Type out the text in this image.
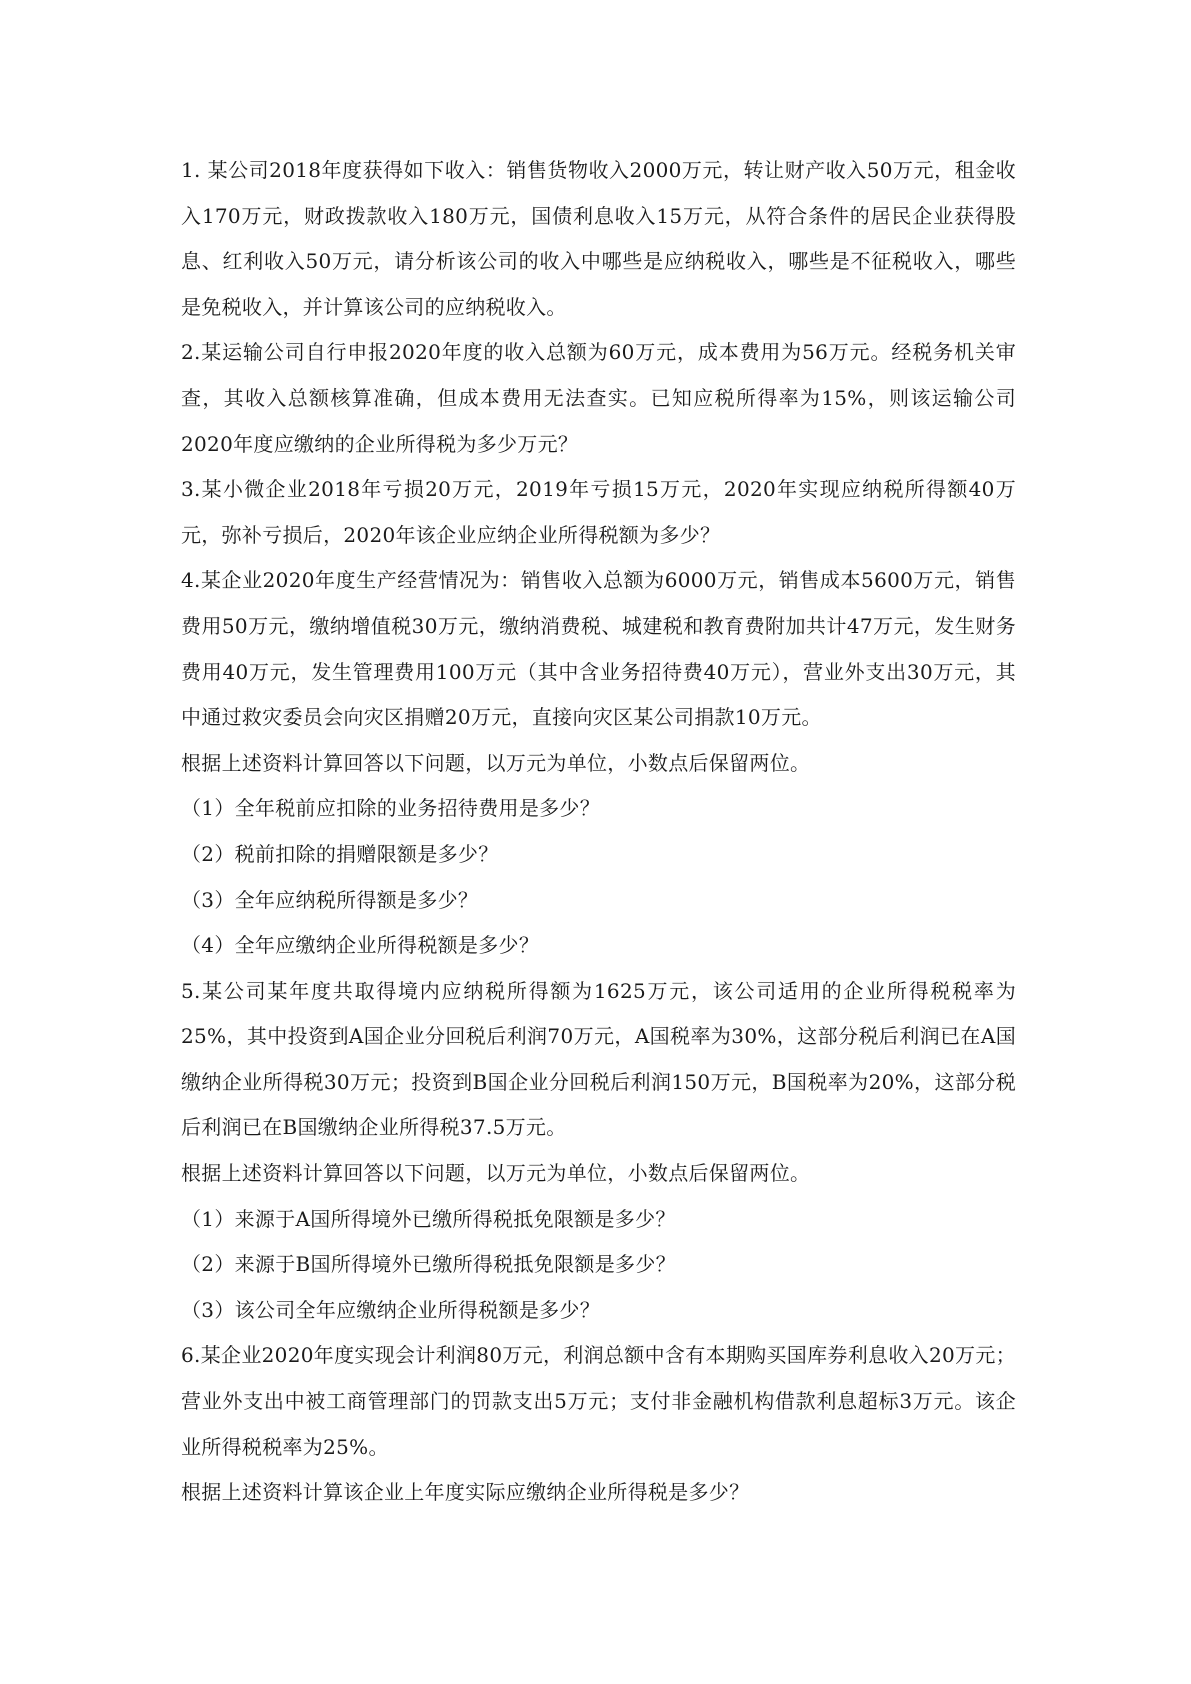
1. 某公司2018年度获得如下收入：销售货物收入2000万元，转让财产收入50万元，租金收入170万元，财政拨款收入180万元，国债利息收入15万元，从符合条件的居民企业获得股息、红利收入50万元，请分析该公司的收入中哪些是应纳税收入，哪些是不征税收入，哪些是免税收入，并计算该公司的应纳税收入。

2.某运输公司自行申报2020年度的收入总额为60万元，成本费用为56万元。经税务机关审查，其收入总额核算准确，但成本费用无法查实。已知应税所得率为15%，则该运输公司2020年度应缴纳的企业所得税为多少万元？

3.某小微企业2018年亏损20万元，2019年亏损15万元，2020年实现应纳税所得额40万元，弥补亏损后，2020年该企业应纳企业所得税额为多少？

4.某企业2020年度生产经营情况为：销售收入总额为6000万元，销售成本5600万元，销售费用50万元，缴纳增值税30万元，缴纳消费税、城建税和教育费附加共计47万元，发生财务费用40万元，发生管理费用100万元（其中含业务招待费40万元），营业外支出30万元，其中通过救灾委员会向灾区捐赠20万元，直接向灾区某公司捐款10万元。

根据上述资料计算回答以下问题，以万元为单位，小数点后保留两位。

（1）全年税前应扣除的业务招待费用是多少？

（2）税前扣除的捐赠限额是多少？

（3）全年应纳税所得额是多少？

（4）全年应缴纳企业所得税额是多少？

5.某公司某年度共取得境内应纳税所得额为1625万元，该公司适用的企业所得税税率为25%，其中投资到A国企业分回税后利润70万元，A国税率为30%，这部分税后利润已在A国缴纳企业所得税30万元；投资到B国企业分回税后利润150万元，B国税率为20%，这部分税后利润已在B国缴纳企业所得税37.5万元。

根据上述资料计算回答以下问题，以万元为单位，小数点后保留两位。

（1）来源于A国所得境外已缴所得税抵免限额是多少？

（2）来源于B国所得境外已缴所得税抵免限额是多少？

（3）该公司全年应缴纳企业所得税额是多少？

6.某企业2020年度实现会计利润80万元，利润总额中含有本期购买国库券利息收入20万元；营业外支出中被工商管理部门的罚款支出5万元；支付非金融机构借款利息超标3万元。该企业所得税税率为25%。

根据上述资料计算该企业上年度实际应缴纳企业所得税是多少？
